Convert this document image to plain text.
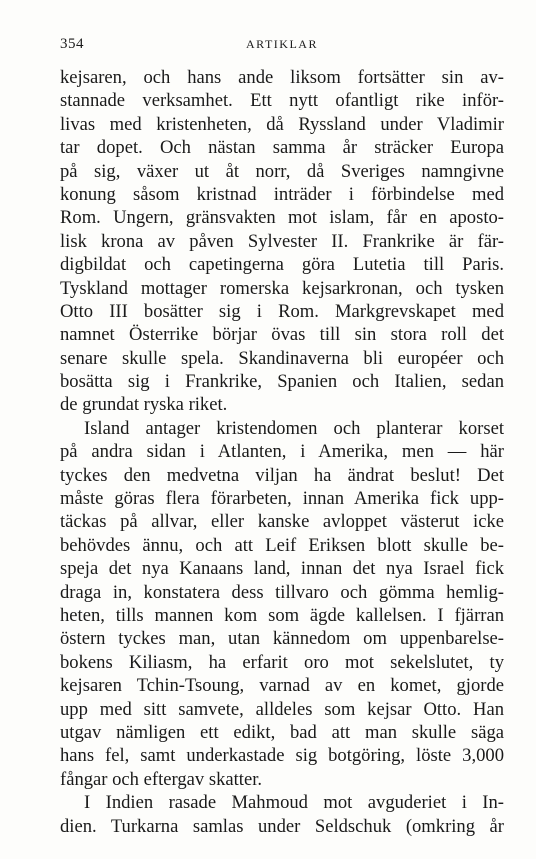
354	ARTIKLAR
kejsaren, och hans ande liksom fortsätter sin av-
stannade verksamhet. Ett nytt ofantligt rike inför-
livas med kristenheten, då Ryssland under Vladimir
tar dopet. Och nästan samma år sträcker Europa
på sig, växer ut åt norr, då Sveriges namngivne
konung såsom kristnad inträder i förbindelse med
Rom. Ungern, gränsvakten mot islam, får en aposto-
lisk krona av påven Sylvester II. Frankrike är fär-
digbildat och capetingerna göra Lutetia till Paris.
Tyskland mottager romerska kejsarkronan, och tysken
Otto III bosätter sig i Rom. Markgrevskapet med
namnet Österrike börjar övas till sin stora roll det
senare skulle spela. Skandinaverna bli européer och
bosätta sig i Frankrike, Spanien och Italien, sedan
de grundat ryska riket.
Island antager kristendomen och planterar korset
på andra sidan i Atlanten, i Amerika, men — här
tyckes den medvetna viljan ha ändrat beslut! Det
måste göras flera förarbeten, innan Amerika fick upp-
täckas på allvar, eller kanske avloppet västerut icke
behövdes ännu, och att Leif Eriksen blott skulle be-
speja det nya Kanaans land, innan det nya Israel fick
draga in, konstatera dess tillvaro och gömma hemlig-
heten, tills mannen kom som ägde kallelsen. I fjärran
östern tyckes man, utan kännedom om uppenbarelse-
bokens Kiliasm, ha erfarit oro mot sekelslutet, ty
kejsaren Tchin-Tsoung, varnad av en komet, gjorde
upp med sitt samvete, alldeles som kejsar Otto. Han
utgav nämligen ett edikt, bad att man skulle säga
hans fel, samt underkastade sig botgöring, löste 3,000
fångar och eftergav skatter.
I Indien rasade Mahmoud mot avguderiet i In-
dien. Turkarna samlas under Seldschuk (omkring år
